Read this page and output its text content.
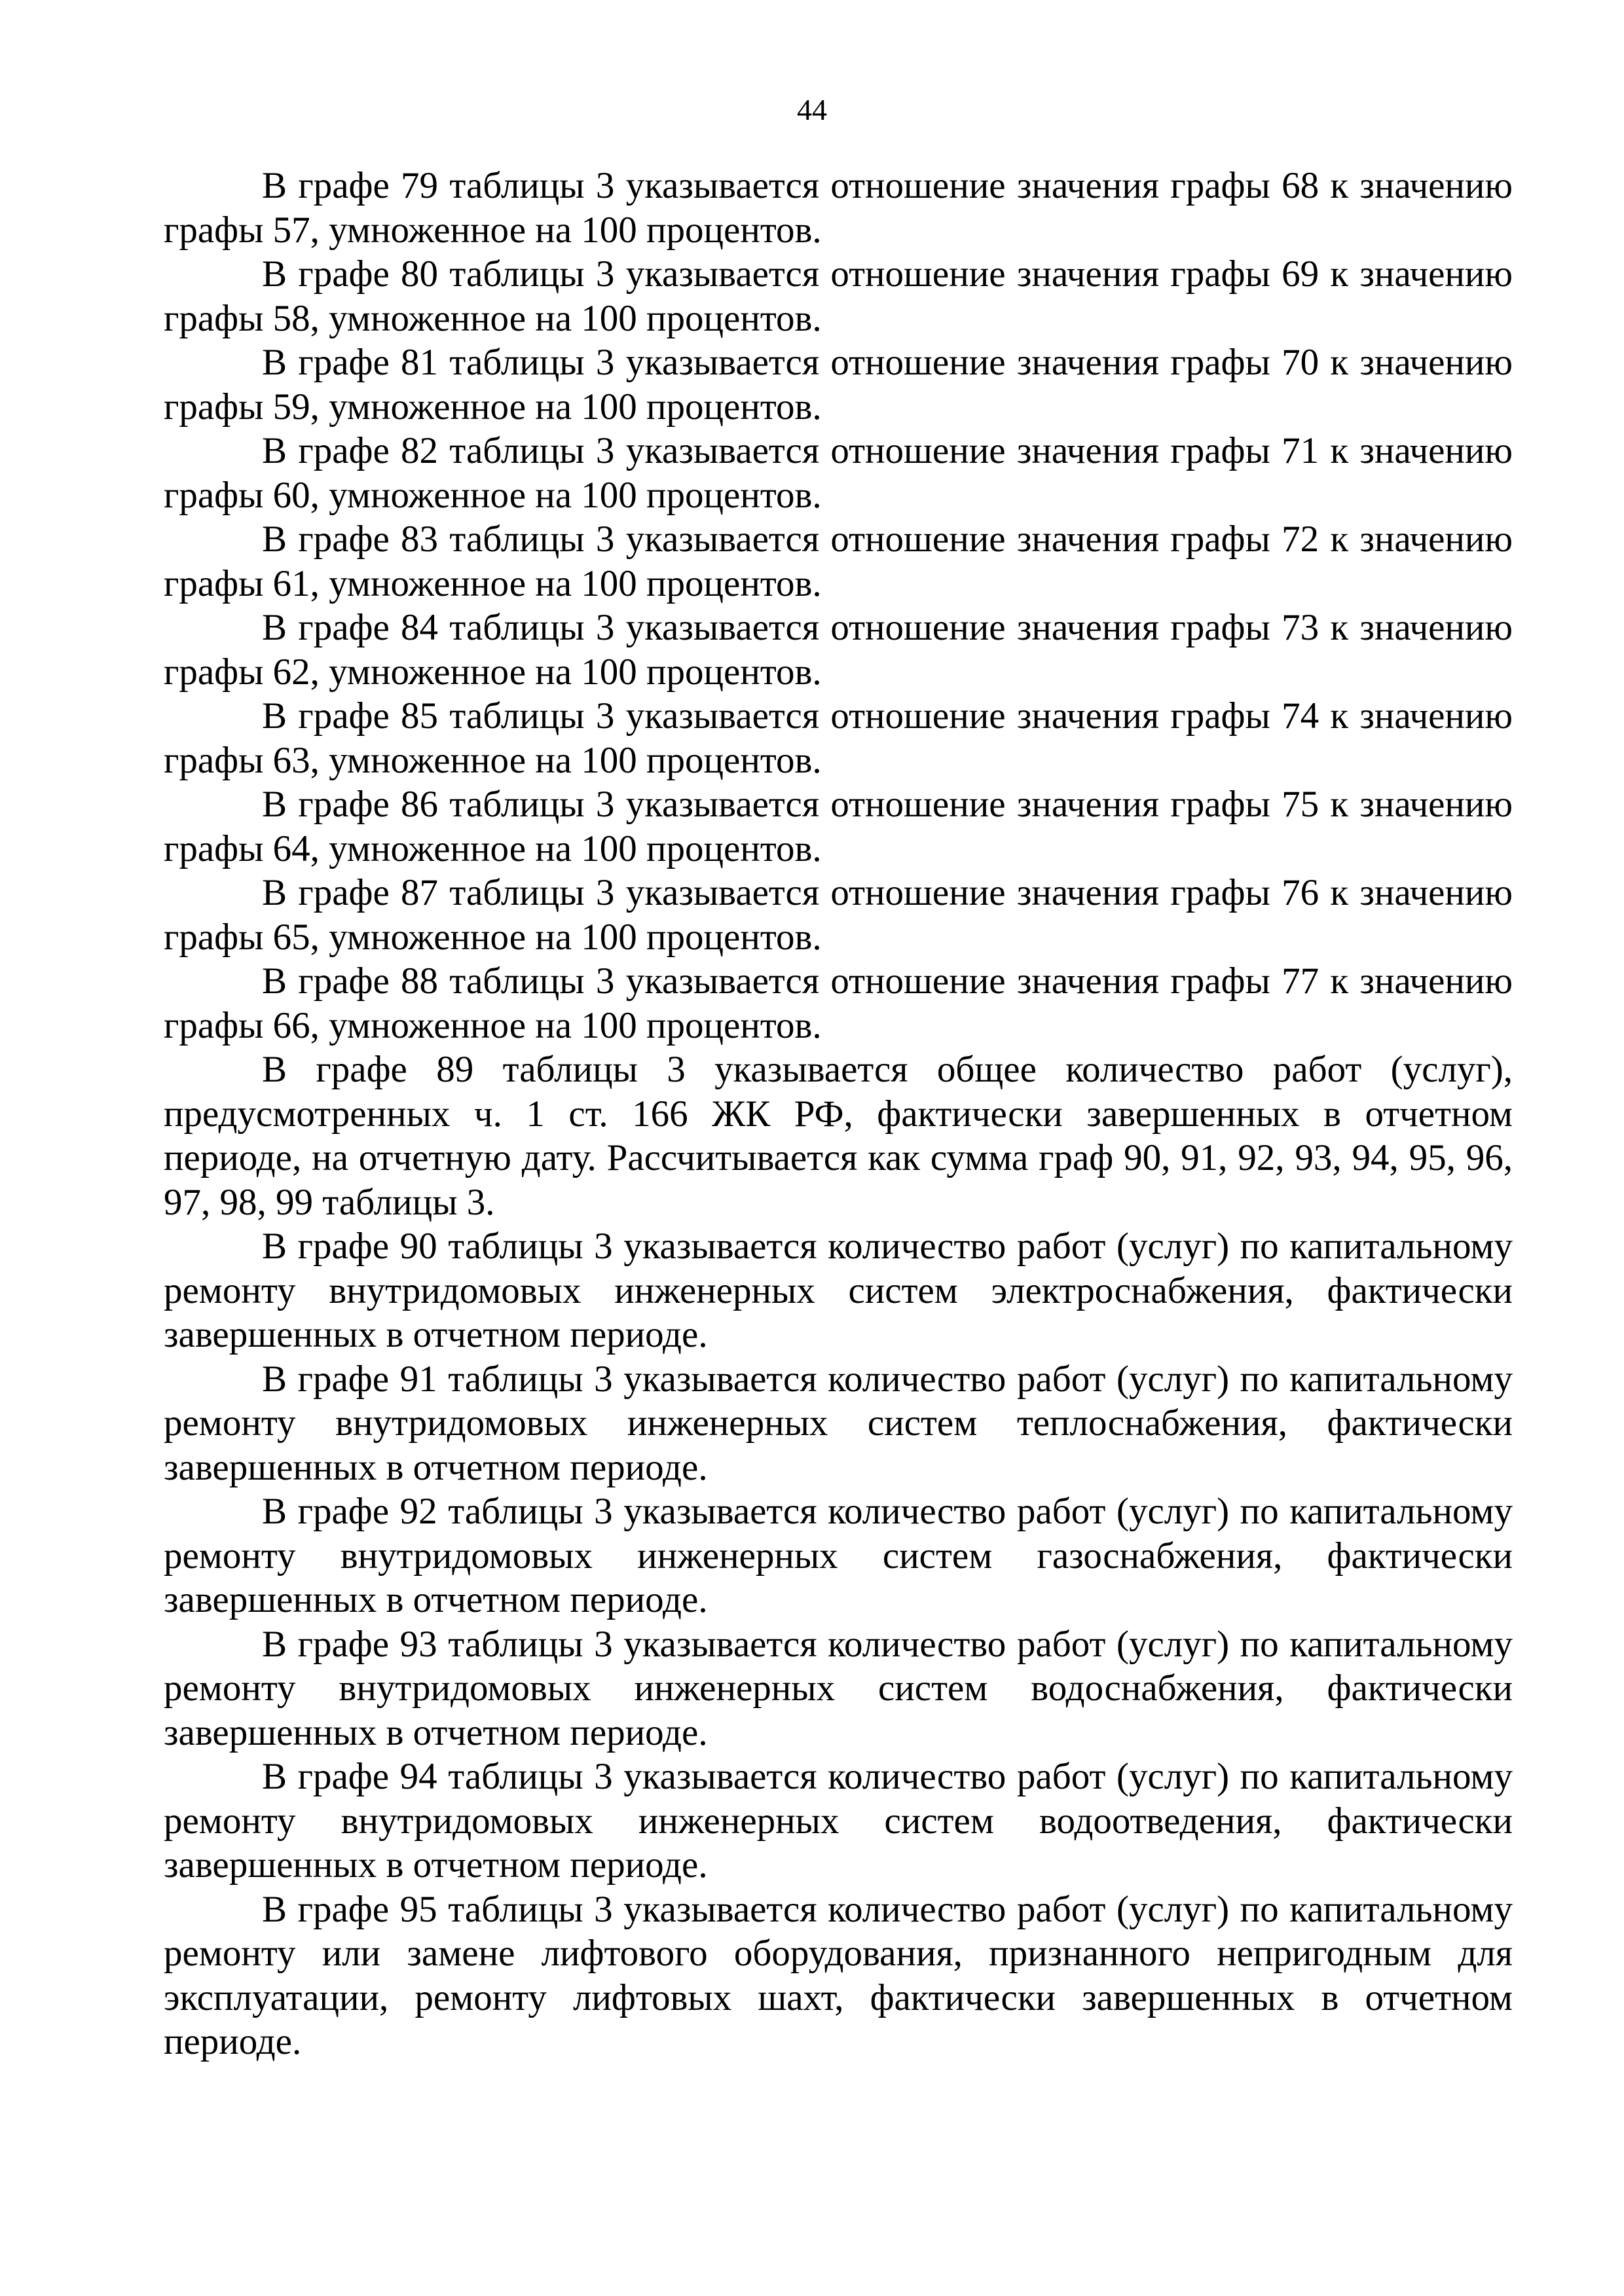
44

В графе 79 таблицы 3 указывается отношение значения графы 68 к значению графы 57, умноженное на 100 процентов.

В графе 80 таблицы 3 указывается отношение значения графы 69 к значению графы 58, умноженное на 100 процентов.

В графе 81 таблицы 3 указывается отношение значения графы 70 к значению графы 59, умноженное на 100 процентов.

В графе 82 таблицы 3 указывается отношение значения графы 71 к значению графы 60, умноженное на 100 процентов.

В графе 83 таблицы 3 указывается отношение значения графы 72 к значению графы 61, умноженное на 100 процентов.

В графе 84 таблицы 3 указывается отношение значения графы 73 к значению графы 62, умноженное на 100 процентов.

В графе 85 таблицы 3 указывается отношение значения графы 74 к значению графы 63, умноженное на 100 процентов.

В графе 86 таблицы 3 указывается отношение значения графы 75 к значению графы 64, умноженное на 100 процентов.

В графе 87 таблицы 3 указывается отношение значения графы 76 к значению графы 65, умноженное на 100 процентов.

В графе 88 таблицы 3 указывается отношение значения графы 77 к значению графы 66, умноженное на 100 процентов.

В графе 89 таблицы 3 указывается общее количество работ (услуг), предусмотренных ч. 1 ст. 166 ЖК РФ, фактически завершенных в отчетном периоде, на отчетную дату. Рассчитывается как сумма граф 90, 91, 92, 93, 94, 95, 96, 97, 98, 99 таблицы 3.

В графе 90 таблицы 3 указывается количество работ (услуг) по капитальному ремонту внутридомовых инженерных систем электроснабжения, фактически завершенных в отчетном периоде.

В графе 91 таблицы 3 указывается количество работ (услуг) по капитальному ремонту внутридомовых инженерных систем теплоснабжения, фактически завершенных в отчетном периоде.

В графе 92 таблицы 3 указывается количество работ (услуг) по капитальному ремонту внутридомовых инженерных систем газоснабжения, фактически завершенных в отчетном периоде.

В графе 93 таблицы 3 указывается количество работ (услуг) по капитальному ремонту внутридомовых инженерных систем водоснабжения, фактически завершенных в отчетном периоде.

В графе 94 таблицы 3 указывается количество работ (услуг) по капитальному ремонту внутридомовых инженерных систем водоотведения, фактически завершенных в отчетном периоде.

В графе 95 таблицы 3 указывается количество работ (услуг) по капитальному ремонту или замене лифтового оборудования, признанного непригодным для эксплуатации, ремонту лифтовых шахт, фактически завершенных в отчетном периоде.
